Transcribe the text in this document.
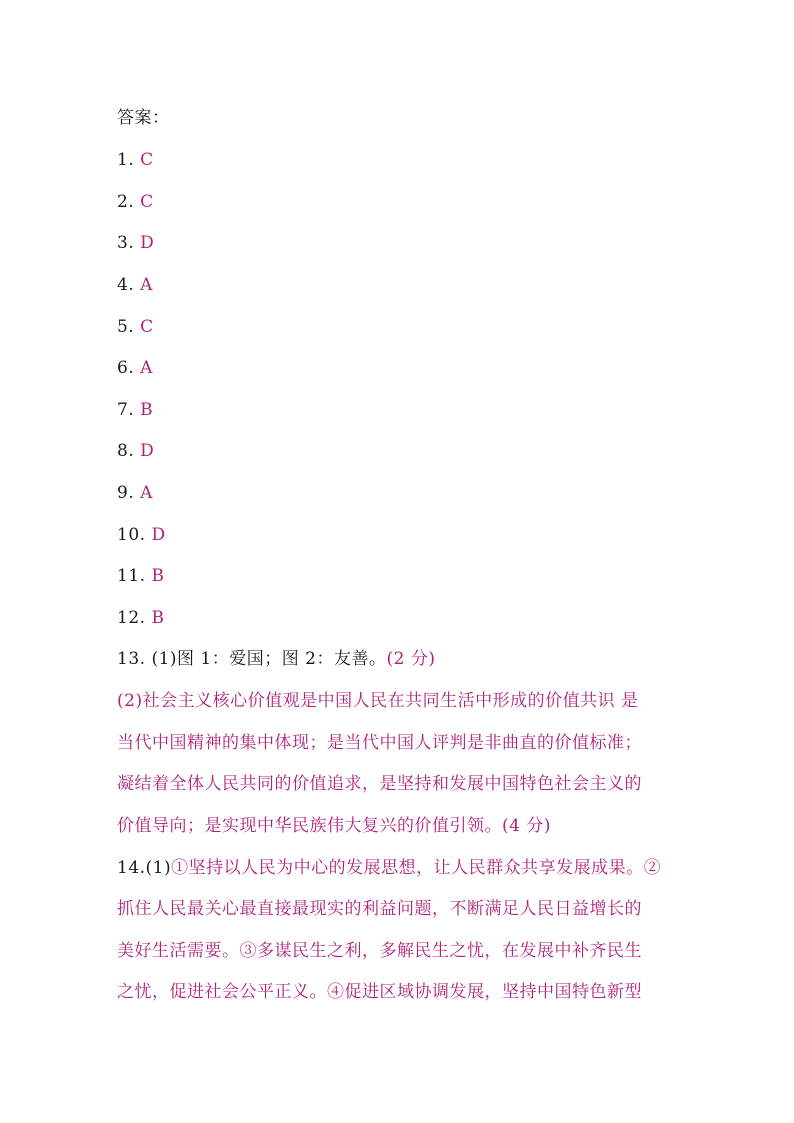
答案：
1. C
2. C
3. D
4. A
5. C
6. A
7. B
8. D
9. A
10. D
11. B
12. B
13. (1)图 1：爱国；图 2：友善。(2 分)
(2)社会主义核心价值观是中国人民在共同生活中形成的价值共识 是
当代中国精神的集中体现；是当代中国人评判是非曲直的价值标准；
凝结着全体人民共同的价值追求，是坚持和发展中国特色社会主义的
价值导向；是实现中华民族伟大复兴的价值引领。(4 分)
14.(1)①坚持以人民为中心的发展思想，让人民群众共享发展成果。②
抓住人民最关心最直接最现实的利益问题，不断满足人民日益增长的
美好生活需要。③多谋民生之利，多解民生之忧，在发展中补齐民生
之忧，促进社会公平正义。④促进区域协调发展，坚持中国特色新型
